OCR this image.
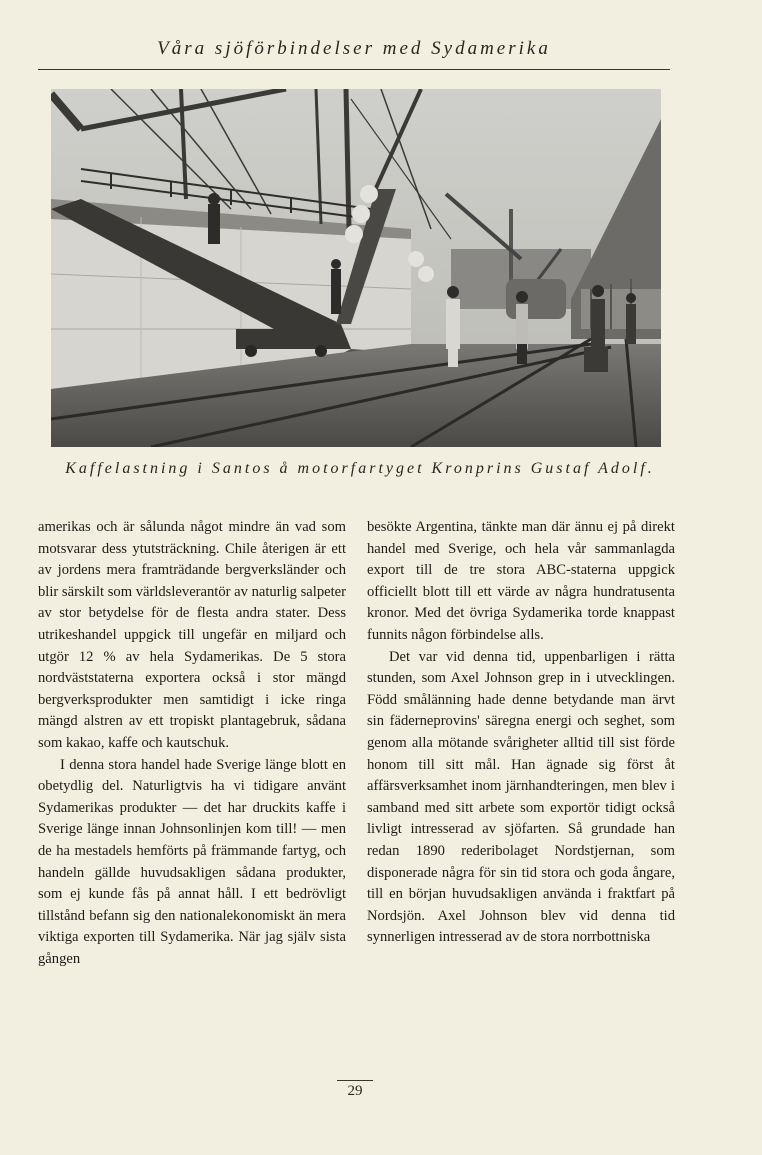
Våra sjöförbindelser med Sydamerika
Kaffelastning i Santos å motorfartyget Kronprins Gustaf Adolf.

amerikas och är sålunda något mindre än vad som motsvarar dess ytutsträckning. Chile återigen är ett av jordens mera framträdande bergverksländer och blir särskilt som världsleverantör av naturlig salpeter av stor betydelse för de flesta andra stater. Dess utrikeshandel uppgick till ungefär en miljard och utgör 12 % av hela Sydamerikas. De 5 stora nordväststaterna exportera också i stor mängd bergverksprodukter men samtidigt i icke ringa mängd alstren av ett tropiskt plantagebruk, sådana som kakao, kaffe och kautschuk.

I denna stora handel hade Sverige länge blott en obetydlig del. Naturligtvis ha vi tidigare använt Sydamerikas produkter — det har druckits kaffe i Sverige länge innan Johnsonlinjen kom till! — men de ha mestadels hemförts på främmande fartyg, och handeln gällde huvudsakligen sådana produkter, som ej kunde fås på annat håll. I ett bedrövligt tillstånd befann sig den nationalekonomiskt än mera viktiga exporten till Sydamerika. När jag själv sista gången

besökte Argentina, tänkte man där ännu ej på direkt handel med Sverige, och hela vår sammanlagda export till de tre stora ABC-staterna uppgick officiellt blott till ett värde av några hundratusenta kronor. Med det övriga Sydamerika torde knappast funnits någon förbindelse alls.

Det var vid denna tid, uppenbarligen i rätta stunden, som Axel Johnson grep in i utvecklingen. Född smålänning hade denne betydande man ärvt sin fäderneprovins' säregna energi och seghet, som genom alla mötande svårigheter alltid till sist förde honom till sitt mål. Han ägnade sig först åt affärsverksamhet inom järnhandteringen, men blev i samband med sitt arbete som exportör tidigt också livligt intresserad av sjöfarten. Så grundade han redan 1890 rederibolaget Nordstjernan, som disponerade några för sin tid stora och goda ångare, till en början huvudsakligen använda i fraktfart på Nordsjön. Axel Johnson blev vid denna tid synnerligen intresserad av de stora norrbottniska

29
